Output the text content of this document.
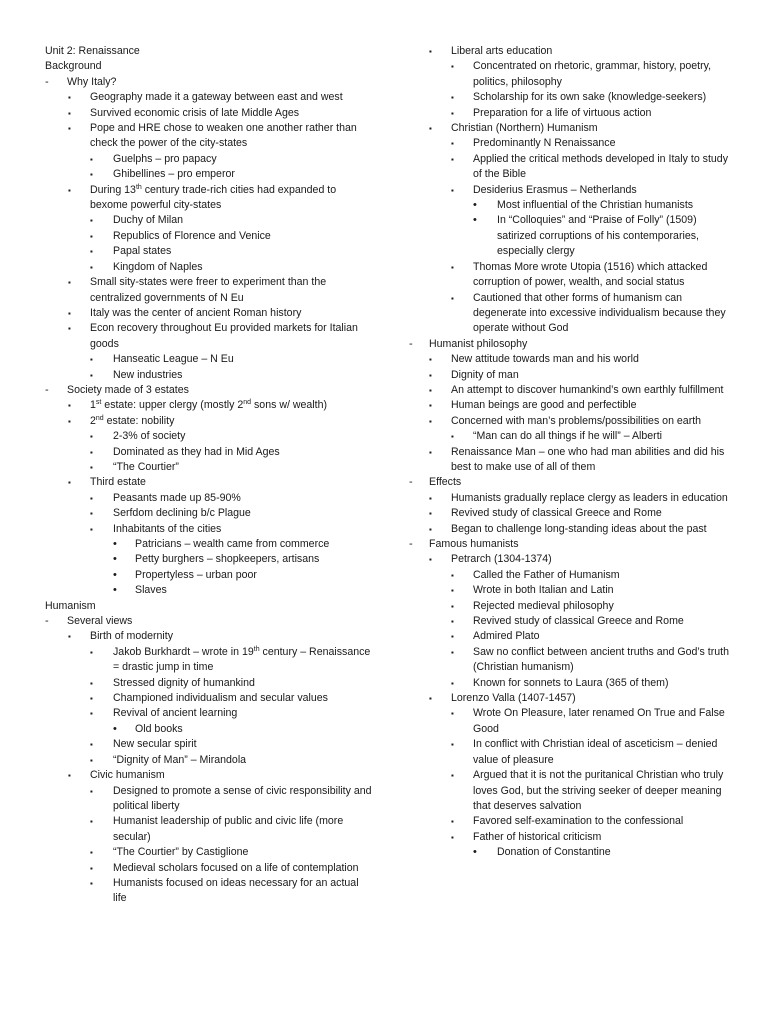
Unit 2: Renaissance
Background
- Why Italy?
▪ Geography made it a gateway between east and west
▪ Survived economic crisis of late Middle Ages
▪ Pope and HRE chose to weaken one another rather than check the power of the city-states
▪ Guelphs – pro papacy
▪ Ghibellines – pro emperor
▪ During 13th century trade-rich cities had expanded to bexome powerful city-states
▪ Duchy of Milan
▪ Republics of Florence and Venice
▪ Papal states
▪ Kingdom of Naples
▪ Small sity-states were freer to experiment than the centralized governments of N Eu
▪ Italy was the center of ancient Roman history
▪ Econ recovery throughout Eu provided markets for Italian goods
▪ Hanseatic League – N Eu
▪ New industries
- Society made of 3 estates
▪ 1st estate: upper clergy (mostly 2nd sons w/ wealth)
▪ 2nd estate: nobility
▪ 2-3% of society
▪ Dominated as they had in Mid Ages
▪ “The Courtier”
▪ Third estate
▪ Peasants made up 85-90%
▪ Serfdom declining b/c Plague
▪ Inhabitants of the cities
• Patricians – wealth came from commerce
• Petty burghers – shopkeepers, artisans
• Propertyless – urban poor
• Slaves
Humanism
- Several views
▪ Birth of modernity
▪ Jakob Burkhardt – wrote in 19th century – Renaissance = drastic jump in time
▪ Stressed dignity of humankind
▪ Championed individualism and secular values
▪ Revival of ancient learning
• Old books
▪ New secular spirit
▪ “Dignity of Man” – Mirandola
▪ Civic humanism
▪ Designed to promote a sense of civic responsibility and political liberty
▪ Humanist leadership of public and civic life (more secular)
▪ “The Courtier” by Castiglione
▪ Medieval scholars focused on a life of contemplation
▪ Humanists focused on ideas necessary for an actual life
▪ Liberal arts education
▪ Concentrated on rhetoric, grammar, history, poetry, politics, philosophy
▪ Scholarship for its own sake (knowledge-seekers)
▪ Preparation for a life of virtuous action
▪ Christian (Northern) Humanism
▪ Predominantly N Renaissance
▪ Applied the critical methods developed in Italy to study of the Bible
▪ Desiderius Erasmus – Netherlands
• Most influential of the Christian humanists
• In “Colloquies” and “Praise of Folly” (1509) satirized corruptions of his contemporaries, especially clergy
▪ Thomas More wrote Utopia (1516) which attacked corruption of power, wealth, and social status
▪ Cautioned that other forms of humanism can degenerate into excessive individualism because they operate without God
- Humanist philosophy
▪ New attitude towards man and his world
▪ Dignity of man
▪ An attempt to discover humankind’s own earthly fulfillment
▪ Human beings are good and perfectible
▪ Concerned with man’s problems/possibilities on earth
▪ “Man can do all things if he will” – Alberti
▪ Renaissance Man – one who had man abilities and did his best to make use of all of them
- Effects
▪ Humanists gradually replace clergy as leaders in education
▪ Revived study of classical Greece and Rome
▪ Began to challenge long-standing ideas about the past
- Famous humanists
▪ Petrarch (1304-1374)
▪ Called the Father of Humanism
▪ Wrote in both Italian and Latin
▪ Rejected medieval philosophy
▪ Revived study of classical Greece and Rome
▪ Admired Plato
▪ Saw no conflict between ancient truths and God’s truth (Christian humanism)
▪ Known for sonnets to Laura (365 of them)
▪ Lorenzo Valla (1407-1457)
▪ Wrote On Pleasure, later renamed On True and False Good
▪ In conflict with Christian ideal of asceticism – denied value of pleasure
▪ Argued that it is not the puritanical Christian who truly loves God, but the striving seeker of deeper meaning that deserves salvation
▪ Favored self-examination to the confessional
▪ Father of historical criticism
• Donation of Constantine
